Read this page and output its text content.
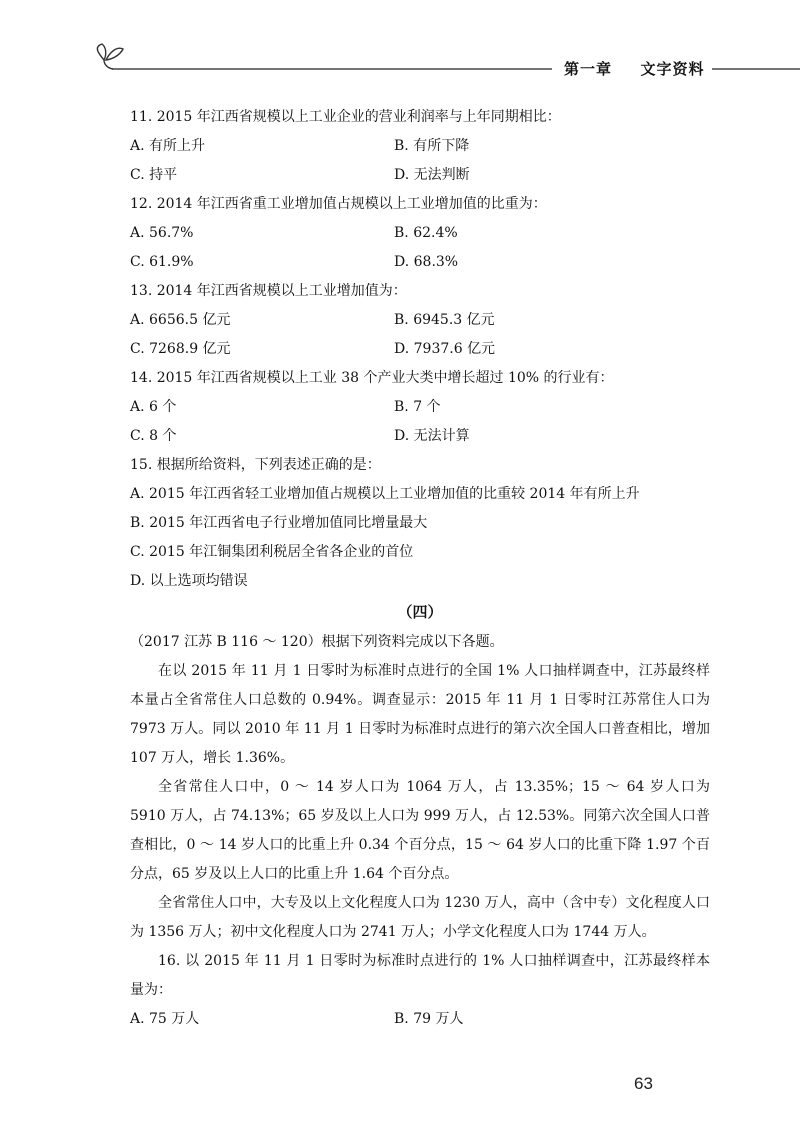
第一章 文字资料
11. 2015 年江西省规模以上工业企业的营业利润率与上年同期相比：
A. 有所上升	B. 有所下降
C. 持平	D. 无法判断
12. 2014 年江西省重工业增加值占规模以上工业增加值的比重为：
A. 56.7%	B. 62.4%
C. 61.9%	D. 68.3%
13. 2014 年江西省规模以上工业增加值为：
A. 6656.5 亿元	B. 6945.3 亿元
C. 7268.9 亿元	D. 7937.6 亿元
14. 2015 年江西省规模以上工业 38 个产业大类中增长超过 10% 的行业有：
A. 6 个	B. 7 个
C. 8 个	D. 无法计算
15. 根据所给资料，下列表述正确的是：
A. 2015 年江西省轻工业增加值占规模以上工业增加值的比重较 2014 年有所上升
B. 2015 年江西省电子行业增加值同比增量最大
C. 2015 年江铜集团利税居全省各企业的首位
D. 以上选项均错误
（四）

（2017 江苏 B 116 ～ 120）根据下列资料完成以下各题。

在以 2015 年 11 月 1 日零时为标准时点进行的全国 1% 人口抽样调查中，江苏最终样本量占全省常住人口总数的 0.94%。调查显示：2015 年 11 月 1 日零时江苏常住人口为 7973 万人。同以 2010 年 11 月 1 日零时为标准时点进行的第六次全国人口普查相比，增加 107 万人，增长 1.36%。

全省常住人口中，0 ～ 14 岁人口为 1064 万人，占 13.35%；15 ～ 64 岁人口为 5910 万人，占 74.13%；65 岁及以上人口为 999 万人，占 12.53%。同第六次全国人口普查相比，0 ～ 14 岁人口的比重上升 0.34 个百分点，15 ～ 64 岁人口的比重下降 1.97 个百分点，65 岁及以上人口的比重上升 1.64 个百分点。

全省常住人口中，大专及以上文化程度人口为 1230 万人，高中（含中专）文化程度人口为 1356 万人；初中文化程度人口为 2741 万人；小学文化程度人口为 1744 万人。

16. 以 2015 年 11 月 1 日零时为标准时点进行的 1% 人口抽样调查中，江苏最终样本量为：

A. 75 万人	B. 79 万人
63
